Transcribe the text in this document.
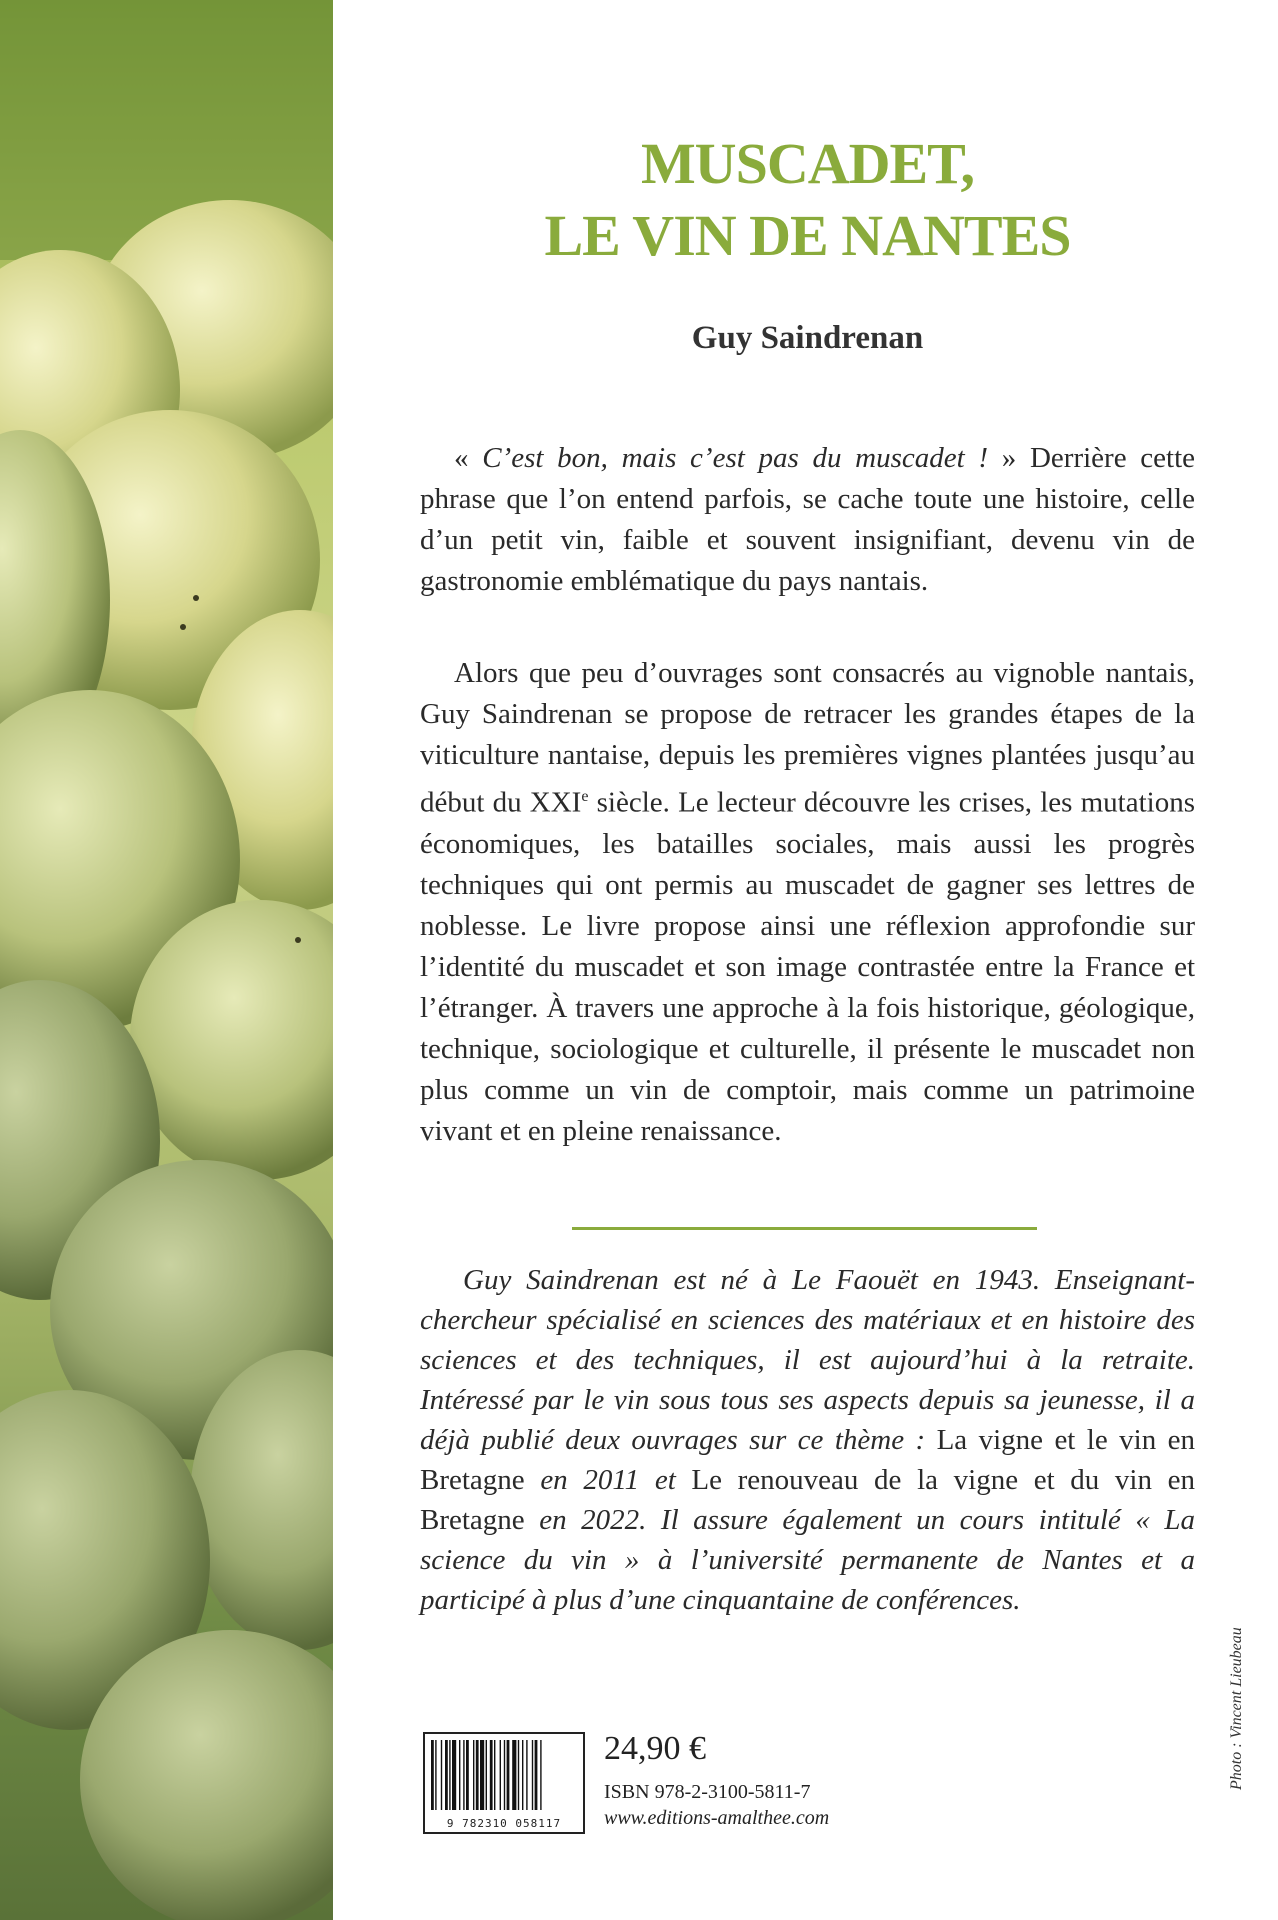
MUSCADET,
LE VIN DE NANTES
Guy Saindrenan

« C’est bon, mais c’est pas du muscadet ! » Derrière cette phrase que l’on entend parfois, se cache toute une histoire, celle d’un petit vin, faible et souvent insignifiant, devenu vin de gastronomie emblématique du pays nantais.

Alors que peu d’ouvrages sont consacrés au vignoble nantais, Guy Saindrenan se propose de retracer les grandes étapes de la viticulture nantaise, depuis les premières vignes plantées jusqu’au début du XXIe siècle. Le lecteur découvre les crises, les mutations économiques, les batailles sociales, mais aussi les progrès techniques qui ont permis au muscadet de gagner ses lettres de noblesse. Le livre propose ainsi une réflexion approfondie sur l’identité du muscadet et son image contrastée entre la France et l’étranger. À travers une approche à la fois historique, géologique, technique, sociologique et culturelle, il présente le muscadet non plus comme un vin de comptoir, mais comme un patrimoine vivant et en pleine renaissance.

Guy Saindrenan est né à Le Faouët en 1943. Enseignant-chercheur spécialisé en sciences des matériaux et en histoire des sciences et des techniques, il est aujourd’hui à la retraite. Intéressé par le vin sous tous ses aspects depuis sa jeunesse, il a déjà publié deux ouvrages sur ce thème : La vigne et le vin en Bretagne en 2011 et Le renouveau de la vigne et du vin en Bretagne en 2022. Il assure également un cours intitulé « La science du vin » à l’université permanente de Nantes et a participé à plus d’une cinquantaine de conférences.

9 782310 058117
24,90 €
ISBN 978-2-3100-5811-7
www.editions-amalthee.com
Photo : Vincent Lieubeau
